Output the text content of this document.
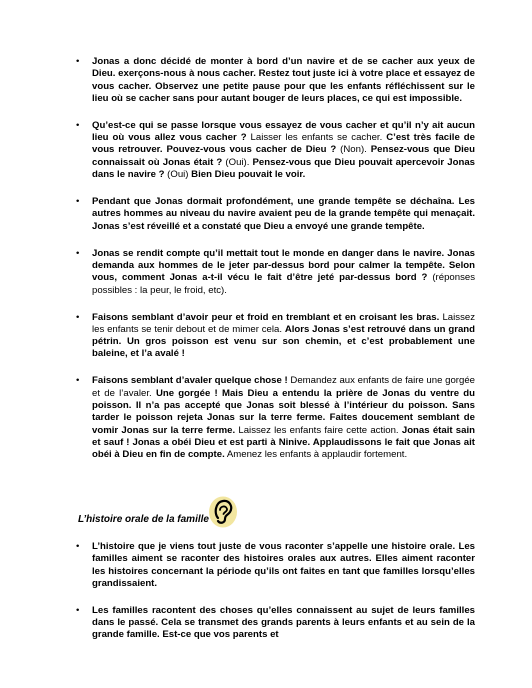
• Jonas a donc décidé de monter à bord d’un navire et de se cacher aux yeux de Dieu. exerçons-nous à nous cacher. Restez tout juste ici à votre place et essayez de vous cacher. Observez une petite pause pour que les enfants réfléchissent sur le lieu où se cacher sans pour autant bouger de leurs places, ce qui est impossible.
• Qu’est-ce qui se passe lorsque vous essayez de vous cacher et qu’il n’y ait aucun lieu où vous allez vous cacher ? Laisser les enfants se cacher. C’est très facile de vous retrouver. Pouvez-vous vous cacher de Dieu ? (Non). Pensez-vous que Dieu connaissait où Jonas était ? (Oui). Pensez-vous que Dieu pouvait apercevoir Jonas dans le navire ? (Oui) Bien Dieu pouvait le voir.
• Pendant que Jonas dormait profondément, une grande tempête se déchaîna. Les autres hommes au niveau du navire avaient peu de la grande tempête qui menaçait. Jonas s’est réveillé et a constaté que Dieu a envoyé une grande tempête.
• Jonas se rendit compte qu’il mettait tout le monde en danger dans le navire. Jonas demanda aux hommes de le jeter par-dessus bord pour calmer la tempête. Selon vous, comment Jonas a-t-il vécu le fait d’être jeté par-dessus bord ? (réponses possibles : la peur, le froid, etc).
• Faisons semblant d’avoir peur et froid en tremblant et en croisant les bras. Laissez les enfants se tenir debout et de mimer cela. Alors Jonas s’est retrouvé dans un grand pétrin. Un gros poisson est venu sur son chemin, et c’est probablement une baleine, et l’a avalé !
• Faisons semblant d’avaler quelque chose ! Demandez aux enfants de faire une gorgée et de l’avaler. Une gorgée ! Mais Dieu a entendu la prière de Jonas du ventre du poisson. Il n’a pas accepté que Jonas soit blessé à l’intérieur du poisson. Sans tarder le poisson rejeta Jonas sur la terre ferme. Faites doucement semblant de vomir Jonas sur la terre ferme. Laissez les enfants faire cette action. Jonas était sain et sauf ! Jonas a obéi Dieu et est parti à Ninive. Applaudissons le fait que Jonas ait obéi à Dieu en fin de compte. Amenez les enfants à applaudir fortement.
L’histoire orale de la famille
• L’histoire que je viens tout juste de vous raconter s’appelle une histoire orale. Les familles aiment se raconter des histoires orales aux autres. Elles aiment raconter les histoires concernant la période qu’ils ont faites en tant que familles lorsqu’elles grandissaient.
• Les familles racontent des choses qu’elles connaissent au sujet de leurs familles dans le passé. Cela se transmet des grands parents à leurs enfants et au sein de la grande famille. Est-ce que vos parents et
